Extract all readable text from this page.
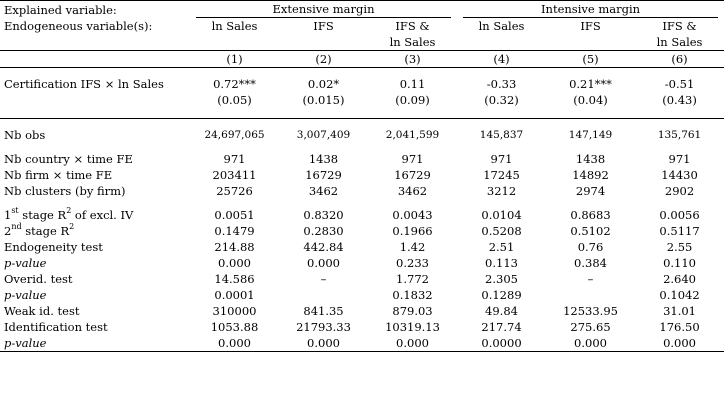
Explained variable:	Extensive margin			Intensive margin		

Endogeneous variable(s):	ln Sales	IFS	IFS &	ln Sales	IFS	IFS &
			ln Sales			ln Sales
	(1)	(2)	(3)	(4)	(5)	(6)

Certification IFS × ln Sales	0.72***	0.02*	0.11	-0.33	0.21***	-0.51
	(0.05)	(0.015)	(0.09)	(0.32)	(0.04)	(0.43)

Nb obs	24,697,065	3,007,409	2,041,599	145,837	147,149	135,761

Nb country × time FE	971	1438	971	971	1438	971
Nb firm × time FE	203411	16729	16729	17245	14892	14430
Nb clusters (by firm)	25726	3462	3462	3212	2974	2902

1st stage $R^2$ of excl. IV	0.0051	0.8320	0.0043	0.0104	0.8683	0.0056
2nd stage $R^2$	0.1479	0.2830	0.1966	0.5208	0.5102	0.5117
Endogeneity test	214.88	442.84	1.42	2.51	0.76	2.55
p-value	0.000	0.000	0.233	0.113	0.384	0.110
Overid. test	14.586	–	1.772	2.305	–	2.640
p-value	0.0001		0.1832	0.1289		0.1042
Weak id. test	310000	841.35	879.03	49.84	12533.95	31.01
Identification test	1053.88	21793.33	10319.13	217.74	275.65	176.50
p-value	0.000	0.000	0.000	0.0000	0.000	0.000
